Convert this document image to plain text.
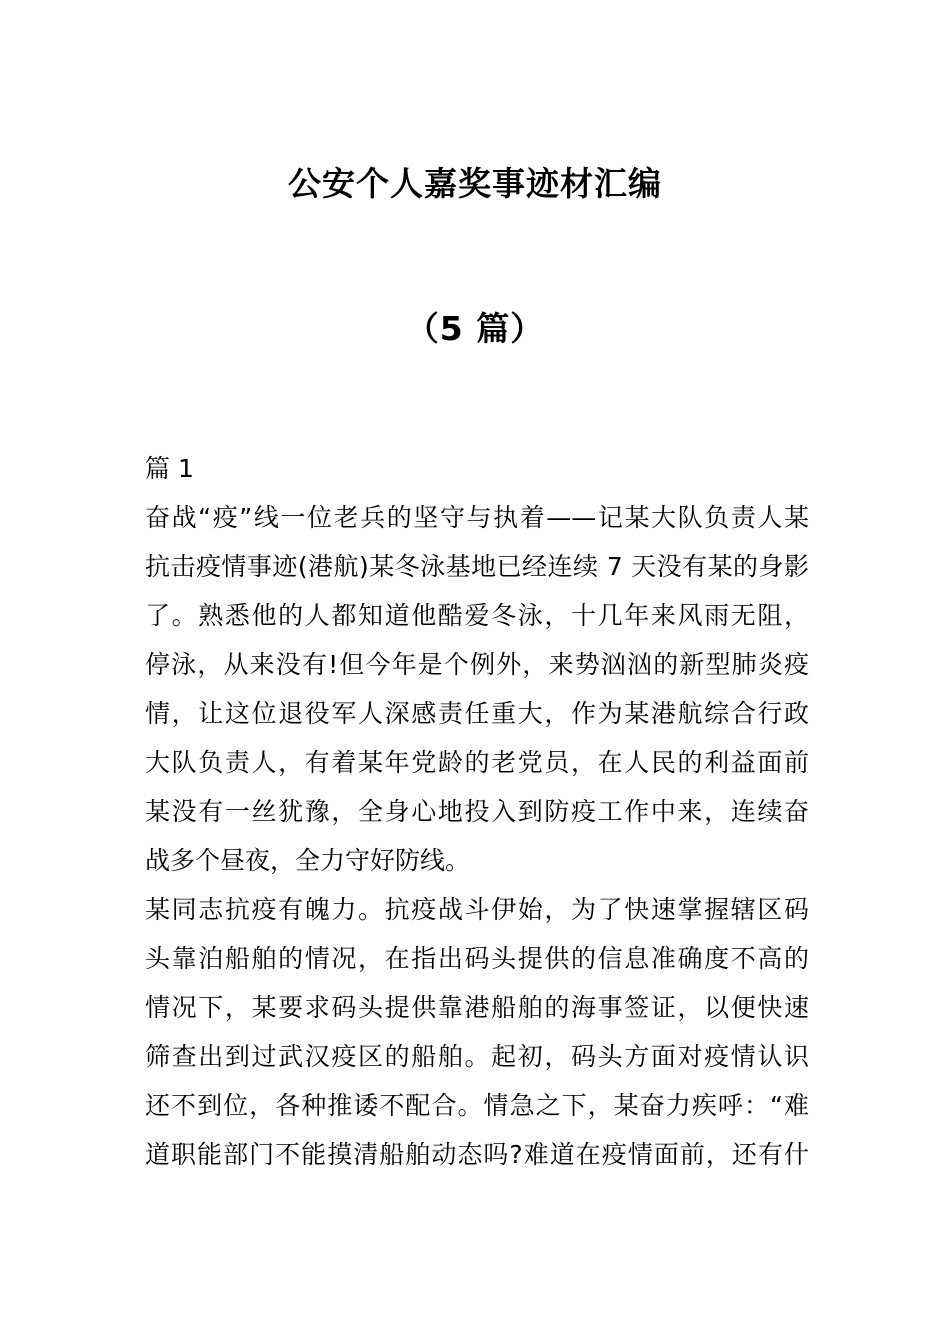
公安个人嘉奖事迹材汇编
（5 篇）
篇 1
奋战“疫”线一位老兵的坚守与执着——记某大队负责人某
抗击疫情事迹(港航)某冬泳基地已经连续 7 天没有某的身影
了。熟悉他的人都知道他酷爱冬泳，十几年来风雨无阻，
停泳，从来没有!但今年是个例外，来势汹汹的新型肺炎疫
情，让这位退役军人深感责任重大，作为某港航综合行政
大队负责人，有着某年党龄的老党员，在人民的利益面前
某没有一丝犹豫，全身心地投入到防疫工作中来，连续奋
战多个昼夜，全力守好防线。
某同志抗疫有魄力。抗疫战斗伊始，为了快速掌握辖区码
头靠泊船舶的情况，在指出码头提供的信息准确度不高的
情况下，某要求码头提供靠港船舶的海事签证，以便快速
筛查出到过武汉疫区的船舶。起初，码头方面对疫情认识
还不到位，各种推诿不配合。情急之下，某奋力疾呼：“难
道职能部门不能摸清船舶动态吗?难道在疫情面前，还有什
